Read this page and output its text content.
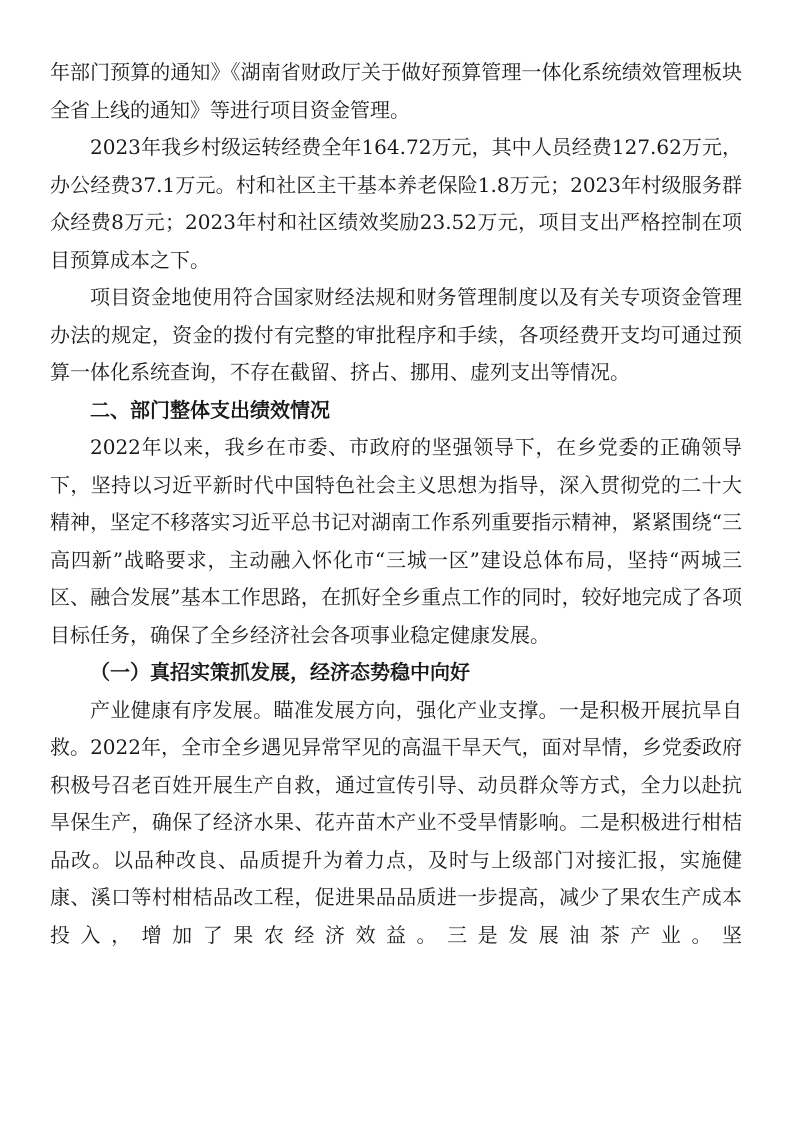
年部门预算的通知》《湖南省财政厅关于做好预算管理一体化系统绩效管理板块全省上线的通知》等进行项目资金管理。

2023年我乡村级运转经费全年164.72万元，其中人员经费127.62万元，办公经费37.1万元。村和社区主干基本养老保险1.8万元；2023年村级服务群众经费8万元；2023年村和社区绩效奖励23.52万元，项目支出严格控制在项目预算成本之下。

项目资金地使用符合国家财经法规和财务管理制度以及有关专项资金管理办法的规定，资金的拨付有完整的审批程序和手续，各项经费开支均可通过预算一体化系统查询，不存在截留、挤占、挪用、虚列支出等情况。

二、部门整体支出绩效情况

2022年以来，我乡在市委、市政府的坚强领导下，在乡党委的正确领导下，坚持以习近平新时代中国特色社会主义思想为指导，深入贯彻党的二十大精神，坚定不移落实习近平总书记对湖南工作系列重要指示精神，紧紧围绕“三高四新”战略要求，主动融入怀化市“三城一区”建设总体布局，坚持“两城三区、融合发展”基本工作思路，在抓好全乡重点工作的同时，较好地完成了各项目标任务，确保了全乡经济社会各项事业稳定健康发展。

（一）真招实策抓发展，经济态势稳中向好

产业健康有序发展。瞄准发展方向，强化产业支撑。一是积极开展抗旱自救。2022年，全市全乡遇见异常罕见的高温干旱天气，面对旱情，乡党委政府积极号召老百姓开展生产自救，通过宣传引导、动员群众等方式，全力以赴抗旱保生产，确保了经济水果、花卉苗木产业不受旱情影响。二是积极进行柑桔品改。以品种改良、品质提升为着力点，及时与上级部门对接汇报，实施健康、溪口等村柑桔品改工程，促进果品品质进一步提高，减少了果农生产成本投入，增加了果农经济效益。三是发展油茶产业。坚
